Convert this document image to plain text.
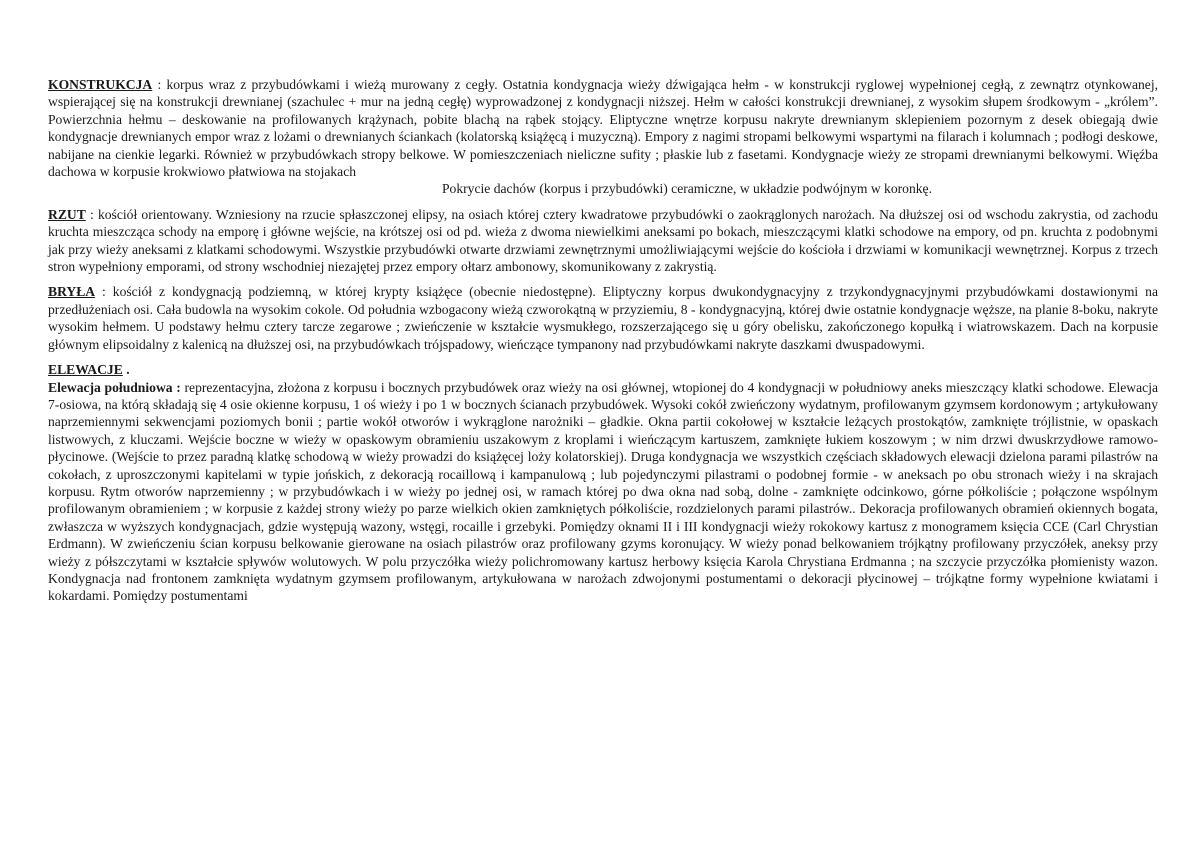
KONSTRUKCJA : korpus wraz z przybudówkami i wieżą murowany z cegły. Ostatnia kondygnacja wieży dźwigająca hełm - w konstrukcji ryglowej wypełnionej cegłą, z zewnątrz otynkowanej, wspierającej się na konstrukcji drewnianej (szachulec + mur na jedną cegłę) wyprowadzonej z kondygnacji niższej. Hełm w całości konstrukcji drewnianej, z wysokim słupem środkowym - „królem”. Powierzchnia hełmu – deskowanie na profilowanych krążynach, pobite blachą na rąbek stojący. Eliptyczne wnętrze korpusu nakryte drewnianym sklepieniem pozornym z desek obiegają dwie kondygnacje drewnianych empor wraz z lożami o drewnianych ściankach (kolatorską książęcą i muzyczną). Empory z nagimi stropami belkowymi wspartymi na filarach i kolumnach ; podłogi deskowe, nabijane na cienkie legarki. Również w przybudówkach stropy belkowe. W pomieszczeniach nieliczne sufity ; płaskie lub z fasetami. Kondygnacje wieży ze stropami drewnianymi belkowymi. Więźba dachowa w korpusie krokwiowo płatwiowa na stojakach
Pokrycie dachów (korpus i przybudówki) ceramiczne, w układzie podwójnym w koronkę.

RZUT : kościół orientowany. Wzniesiony na rzucie spłaszczonej elipsy, na osiach której cztery kwadratowe przybudówki o zaokrąglonych narożach. Na dłuższej osi od wschodu zakrystia, od zachodu kruchta mieszcząca schody na emporę i główne wejście, na krótszej osi od pd. wieża z dwoma niewielkimi aneksami po bokach, mieszczącymi klatki schodowe na empory, od pn. kruchta z podobnymi jak przy wieży aneksami z klatkami schodowymi. Wszystkie przybudówki otwarte drzwiami zewnętrznymi umożliwiającymi wejście do kościoła i drzwiami w komunikacji wewnętrznej. Korpus z trzech stron wypełniony emporami, od strony wschodniej niezajętej przez empory ołtarz ambonowy, skomunikowany z zakrystią.

BRYŁA : kościół z kondygnacją podziemną, w której krypty książęce (obecnie niedostępne). Eliptyczny korpus dwukondygnacyjny z trzykondygnacyjnymi przybudówkami dostawionymi na przedłużeniach osi. Cała budowla na wysokim cokole. Od południa wzbogacony wieżą czworokątną w przyziemiu, 8 - kondygnacyjną, której dwie ostatnie kondygnacje węższe, na planie 8-boku, nakryte wysokim hełmem. U podstawy hełmu cztery tarcze zegarowe ; zwieńczenie w kształcie wysmukłego, rozszerzającego się u góry obelisku, zakończonego kopułką i wiatrowskazem. Dach na korpusie głównym elipsoidalny z kalenicą na dłuższej osi, na przybudówkach trójspadowy, wieńczące tympanony nad przybudówkami nakryte daszkami dwuspadowymi.

ELEWACJE .

Elewacja południowa : reprezentacyjna, złożona z korpusu i bocznych przybudówek oraz wieży na osi głównej, wtopionej do 4 kondygnacji w południowy aneks mieszczący klatki schodowe. Elewacja 7-osiowa, na którą składają się 4 osie okienne korpusu, 1 oś wieży i po 1 w bocznych ścianach przybudówek. Wysoki cokół zwieńczony wydatnym, profilowanym gzymsem kordonowym ; artykułowany naprzemiennymi sekwencjami poziomych bonii ; partie wokół otworów i wykrąglone narożniki – gładkie. Okna partii cokołowej w kształcie leżących prostokątów, zamknięte trójlistnie, w opaskach listwowych, z kluczami. Wejście boczne w wieży w opaskowym obramieniu uszakowym z kroplami i wieńczącym kartuszem, zamknięte łukiem koszowym ; w nim drzwi dwuskrzydłowe ramowo-płycinowe. (Wejście to przez paradną klatkę schodową w wieży prowadzi do książęcej loży kolatorskiej). Druga kondygnacja we wszystkich częściach składowych elewacji dzielona parami pilastrów na cokołach, z uproszczonymi kapitelami w typie jońskich, z dekoracją rocaillową i kampanulową ; lub pojedynczymi pilastrami o podobnej formie - w aneksach po obu stronach wieży i na skrajach korpusu. Rytm otworów naprzemienny ; w przybudówkach i w wieży po jednej osi, w ramach której po dwa okna nad sobą, dolne - zamknięte odcinkowo, górne półkoliście ; połączone wspólnym profilowanym obramieniem ; w korpusie z każdej strony wieży po parze wielkich okien zamkniętych półkoliście, rozdzielonych parami pilastrów.. Dekoracja profilowanych obramień okiennych bogata, zwłaszcza w wyższych kondygnacjach, gdzie występują wazony, wstęgi, rocaille i grzebyki. Pomiędzy oknami II i III kondygnacji wieży rokokowy kartusz z monogramem księcia CCE (Carl Chrystian Erdmann). W zwieńczeniu ścian korpusu belkowanie gierowane na osiach pilastrów oraz profilowany gzyms koronujący. W wieży ponad belkowaniem trójkątny profilowany przyczółek, aneksy przy wieży z półszczytami w kształcie spływów wolutowych. W polu przyczółka wieży polichromowany kartusz herbowy księcia Karola Chrystiana Erdmanna ; na szczycie przyczółka płomienisty wazon. Kondygnacja nad frontonem zamknięta wydatnym gzymsem profilowanym, artykułowana w narożach zdwojonymi postumentami o dekoracji płycinowej – trójkątne formy wypełnione kwiatami i kokardami. Pomiędzy postumentami
